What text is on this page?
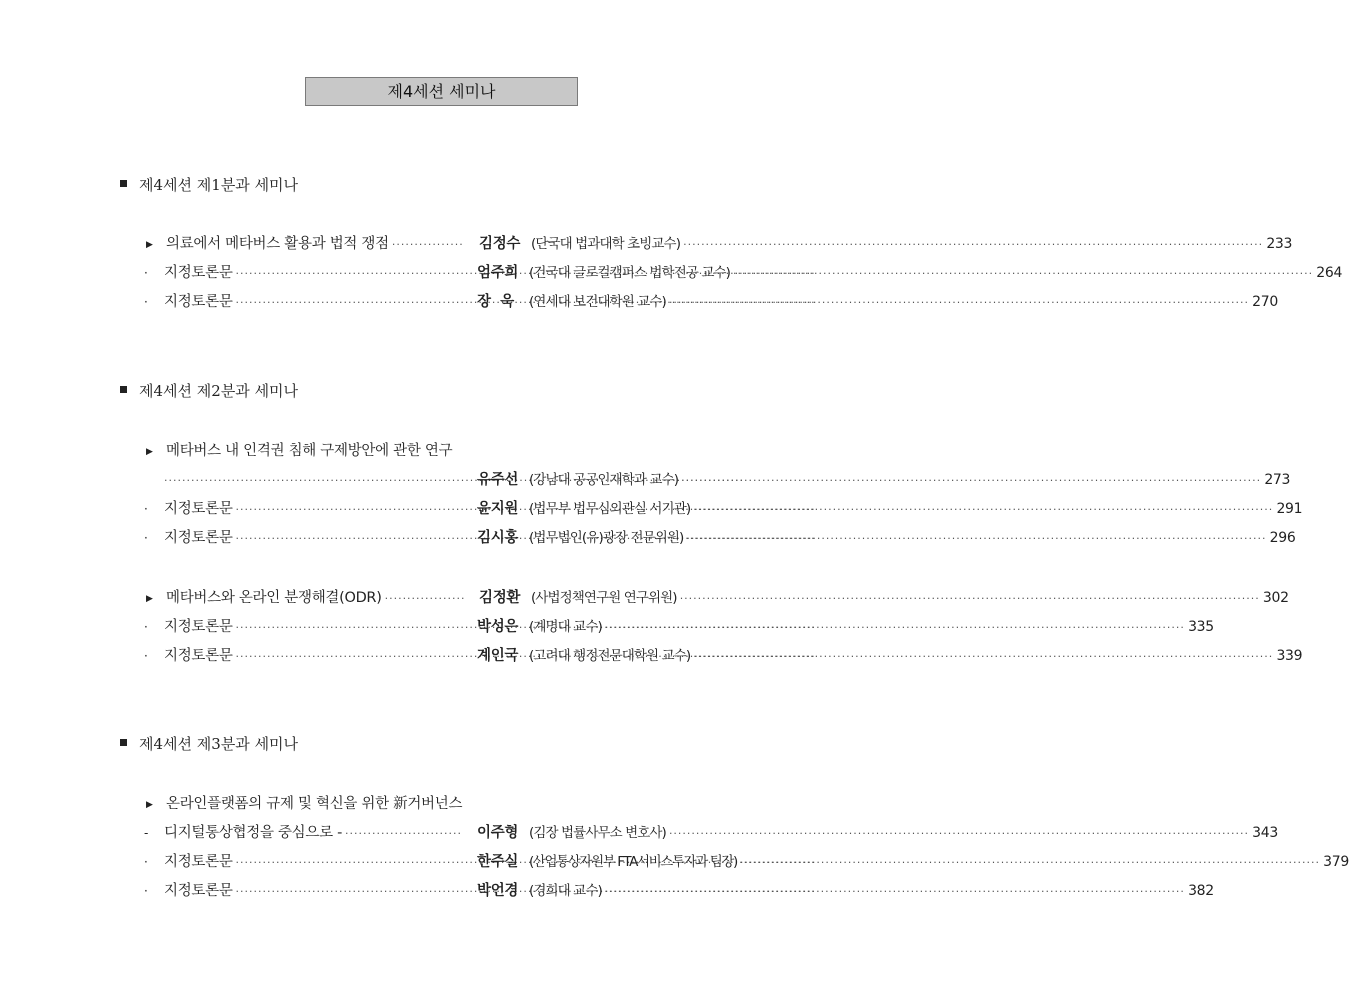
제4세션 세미나
제4세션 제1분과 세미나
▶ 의료에서 메타버스 활용과 법적 쟁점 ·····	김정수 (단국대 법과대학 초빙교수) ·····	233
·	지정토론문 ·····	엄주희 (건국대 글로컬캠퍼스 법학전공 교수) ·····	264
·	지정토론문 ·····	장  욱	(연세대 보건대학원 교수) ·····	270
제4세션 제2분과 세미나
▶ 메타버스 내 인격권 침해 구제방안에 관한 연구
·····
유주선 (강남대 공공인재학과 교수) ·····	273
·	지정토론문 ·····	윤지원 (법무부 법무심의관실 서기관) ·····	291
·	지정토론문 ·····	김시홍 (법무법인(유)광장 전문위원) ·····	296
▶ 메타버스와 온라인 분쟁해결(ODR) ·····	김정환 (사법정책연구원 연구위원) ·····	302
·	지정토론문 ·····	박성은 (계명대 교수) ·····	335
·	지정토론문 ·····	계인국 (고려대 행정전문대학원 교수) ·····	339
제4세션 제3분과 세미나
▶ 온라인플랫폼의 규제 및 혁신을 위한 新거버넌스
-	디지털통상협정을 중심으로 - ·····	이주형 (김장 법률사무소 변호사) ·····	343
·	지정토론문 ·····	한주실 (산업통상자원부 FTA서비스투자과 팀장) ·····	379
·	지정토론문 ·····	박언경 (경희대 교수) ·····	382
